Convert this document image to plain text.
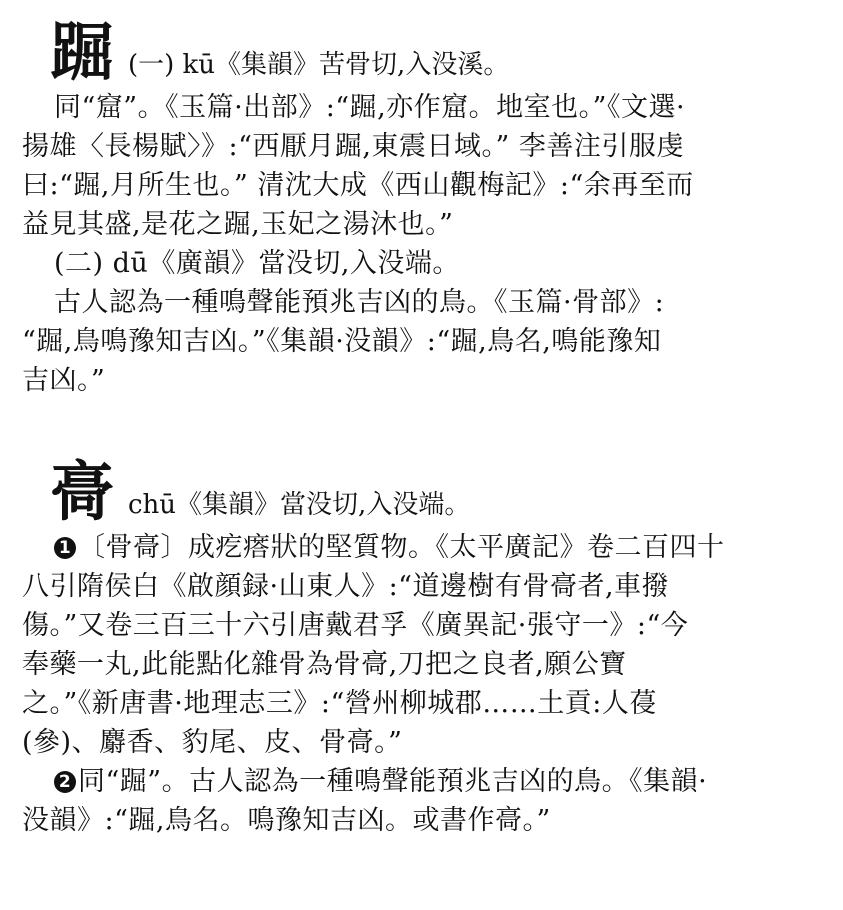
䠇 (一) kū《集韻》苦骨切,入没溪。
同“窟”。《玉篇·出部》:“䠇,亦作窟。地室也。”《文選·
揚雄〈長楊賦〉》:“西厭月䠇,東震日域。” 李善注引服虔
曰:“䠇,月所生也。” 清沈大成《西山觀梅記》:“余再至而
益見其盛,是花之䠇,玉妃之湯沐也。”
(二) dū《廣韻》當没切,入没端。
古人認為一種鳴聲能預兆吉凶的鳥。《玉篇·骨部》:
“䠇,鳥鳴豫知吉凶。”《集韻·没韻》:“䠇,鳥名,鳴能豫知
吉凶。”
䯧 chū《集韻》當没切,入没端。
1 〔骨䯧〕成疙瘩狀的堅質物。《太平廣記》卷二百四十
八引隋侯白《啟顔録·山東人》:“道邊樹有骨䯧者,車撥
傷。”又卷三百三十六引唐戴君孚《廣異記·張守一》:“今
奉藥一丸,此能點化雜骨為骨䯧,刀把之良者,願公寶
之。”《新唐書·地理志三》:“營州柳城郡……土貢:人葠
(參)、麝香、豹尾、皮、骨䯧。”
2 同“䠇”。古人認為一種鳴聲能預兆吉凶的鳥。《集韻·
没韻》:“䠇,鳥名。鳴豫知吉凶。或書作䯧。”
